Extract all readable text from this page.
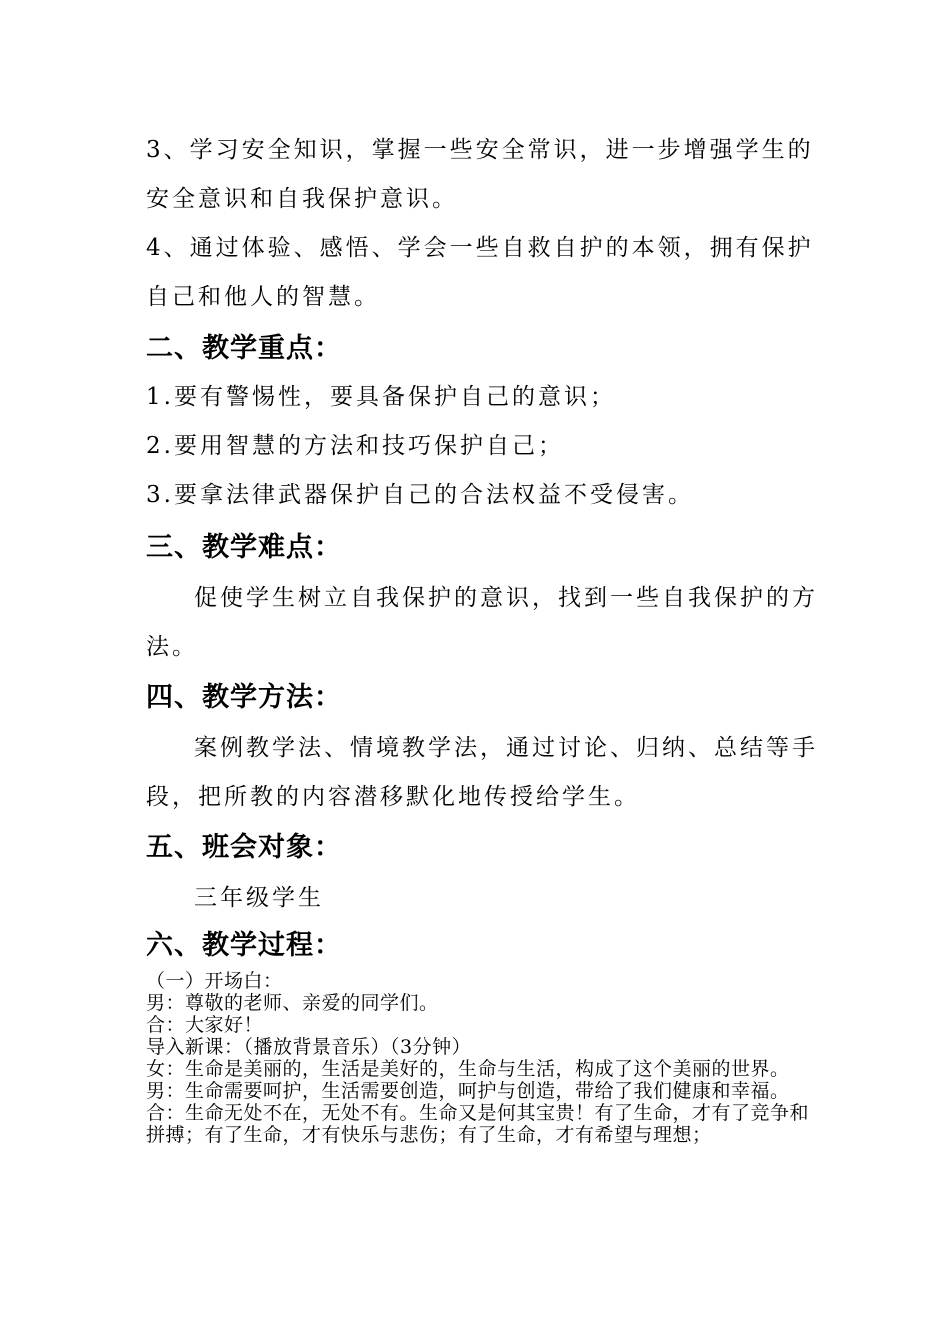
3、学习安全知识，掌握一些安全常识，进一步增强学生的安全意识和自我保护意识。

4、通过体验、感悟、学会一些自救自护的本领，拥有保护自己和他人的智慧。

二、教学重点：

1.要有警惕性，要具备保护自己的意识；

2.要用智慧的方法和技巧保护自己；

3.要拿法律武器保护自己的合法权益不受侵害。

三、教学难点：

促使学生树立自我保护的意识，找到一些自我保护的方法。

四、教学方法：

案例教学法、情境教学法，通过讨论、归纳、总结等手段，把所教的内容潜移默化地传授给学生。

五、班会对象：

三年级学生

六、教学过程：

（一）开场白：

男：尊敬的老师、亲爱的同学们。

合：大家好！

导入新课：（播放背景音乐）（3分钟）

女：生命是美丽的，生活是美好的，生命与生活，构成了这个美丽的世界。

男：生命需要呵护，生活需要创造，呵护与创造，带给了我们健康和幸福。

合：生命无处不在，无处不有。生命又是何其宝贵！有了生命，才有了竞争和拼搏；有了生命，才有快乐与悲伤；有了生命，才有希望与理想；
